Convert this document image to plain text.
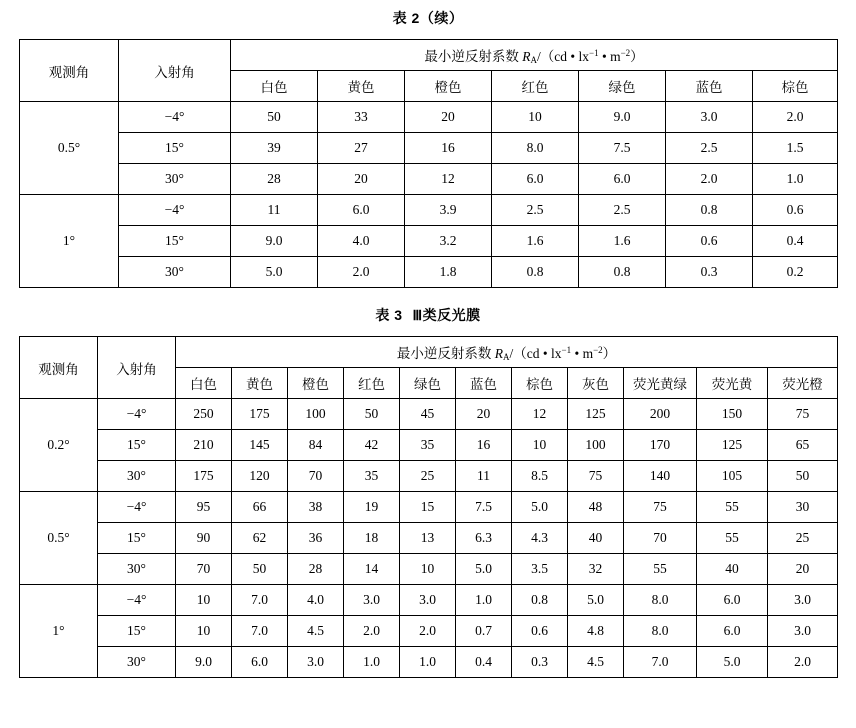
表 2（续）
观测角	入射角	最小逆反射系数 $R_A/(cd$ • $lx^{-1}$ • $m^{-2}$）						
		白色	黄色	橙色	红色	绿色	蓝色	棕色
0.5°	−4°	50	33	20	10	9.0	3.0	2.0
	15°	39	27	16	8.0	7.5	2.5	1.5
	30°	28	20	12	6.0	6.0	2.0	1.0
1°	−4°	11	6.0	3.9	2.5	2.5	0.8	0.6
	15°	9.0	4.0	3.2	1.6	1.6	0.6	0.4
	30°	5.0	2.0	1.8	0.8	0.8	0.3	0.2
表 3 Ⅲ类反光膜
观测角	入射角	最小逆反射系数 $R_A/(cd$ • $lx^{-1}$ • $m^{-2}$）										
		白色	黄色	橙色	红色	绿色	蓝色	棕色	灰色	荧光黄绿	荧光黄	荧光橙
0.2°	−4°	250	175	100	50	45	20	12	125	200	150	75
	15°	210	145	84	42	35	16	10	100	170	125	65
	30°	175	120	70	35	25	11	8.5	75	140	105	50
0.5°	−4°	95	66	38	19	15	7.5	5.0	48	75	55	30
	15°	90	62	36	18	13	6.3	4.3	40	70	55	25
	30°	70	50	28	14	10	5.0	3.5	32	55	40	20
1°	−4°	10	7.0	4.0	3.0	3.0	1.0	0.8	5.0	8.0	6.0	3.0
	15°	10	7.0	4.5	2.0	2.0	0.7	0.6	4.8	8.0	6.0	3.0
	30°	9.0	6.0	3.0	1.0	1.0	0.4	0.3	4.5	7.0	5.0	2.0
